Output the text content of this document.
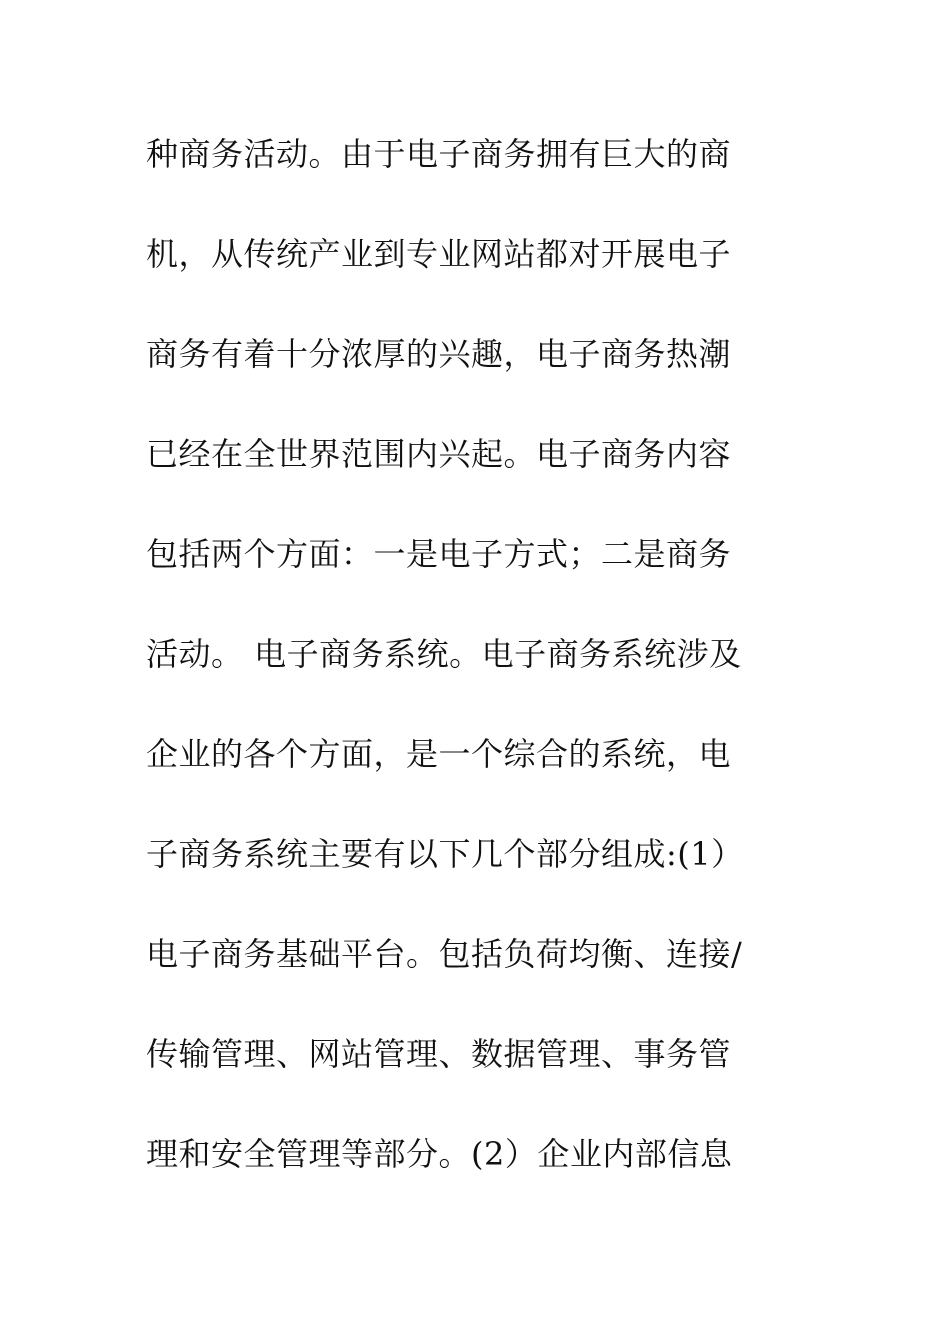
种商务活动。由于电子商务拥有巨大的商
机，从传统产业到专业网站都对开展电子
商务有着十分浓厚的兴趣，电子商务热潮
已经在全世界范围内兴起。电子商务内容
包括两个方面：一是电子方式；二是商务
活动。 电子商务系统。电子商务系统涉及
企业的各个方面，是一个综合的系统，电
子商务系统主要有以下几个部分组成:(1）
电子商务基础平台。包括负荷均衡、连接/
传输管理、网站管理、数据管理、事务管
理和安全管理等部分。(2）企业内部信息
